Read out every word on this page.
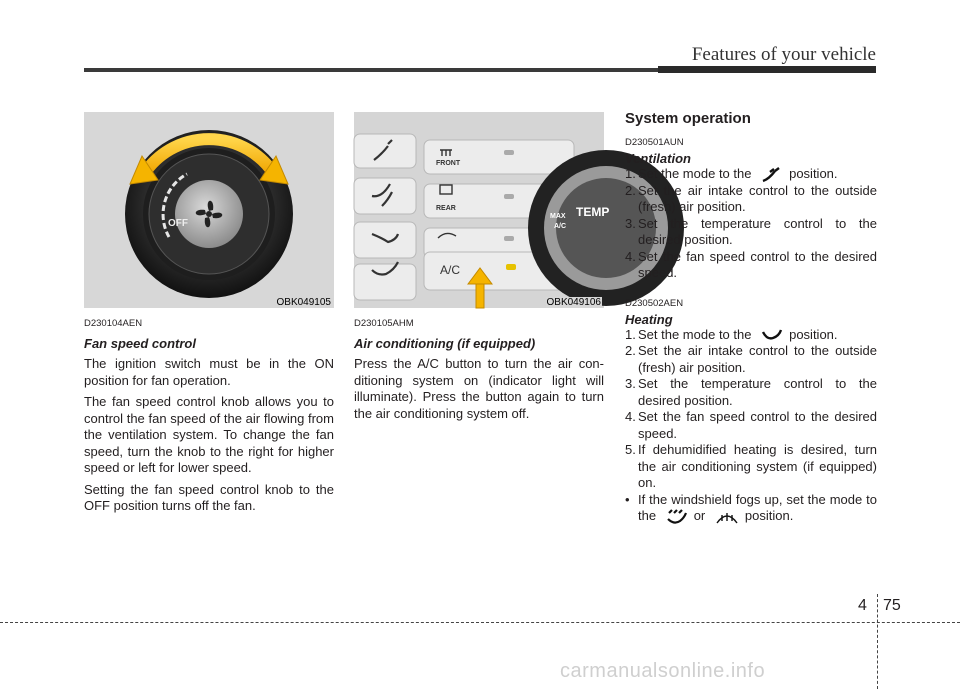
Features of your vehicle
OFF
OBK049105
D230104AEN
Fan speed control
The ignition switch must be in the ON position for fan operation.
The fan speed control knob allows you to control the fan speed of the air flowing from the ventilation system. To change the fan speed, turn the knob to the right for higher speed or left for lower speed.
Setting the fan speed control knob to the OFF position turns off the fan.
FRONT
REAR
A/C
MAX
A/C
TEMP
OBK049106
D230105AHM
Air conditioning (if equipped)
Press the A/C button to turn the air con-ditioning system on (indicator light will illuminate). Press the button again to turn the air conditioning system off.
System operation
D230501AUN
Ventilation
1. Set the mode to the	position.
2. Set the air intake control to the outside (fresh) air position.
3. Set the temperature control to the desired position.
4. Set the fan speed control to the desired speed.
D230502AEN
Heating
1. Set the mode to the	position.
2. Set the air intake control to the outside (fresh) air position.
3. Set the temperature control to the desired position.
4. Set the fan speed control to the desired speed.
5. If dehumidified heating is desired, turn the air conditioning system (if equipped) on.
• If the windshield fogs up, set the mode to the	or	position.
4 75
carmanualsonline.info
